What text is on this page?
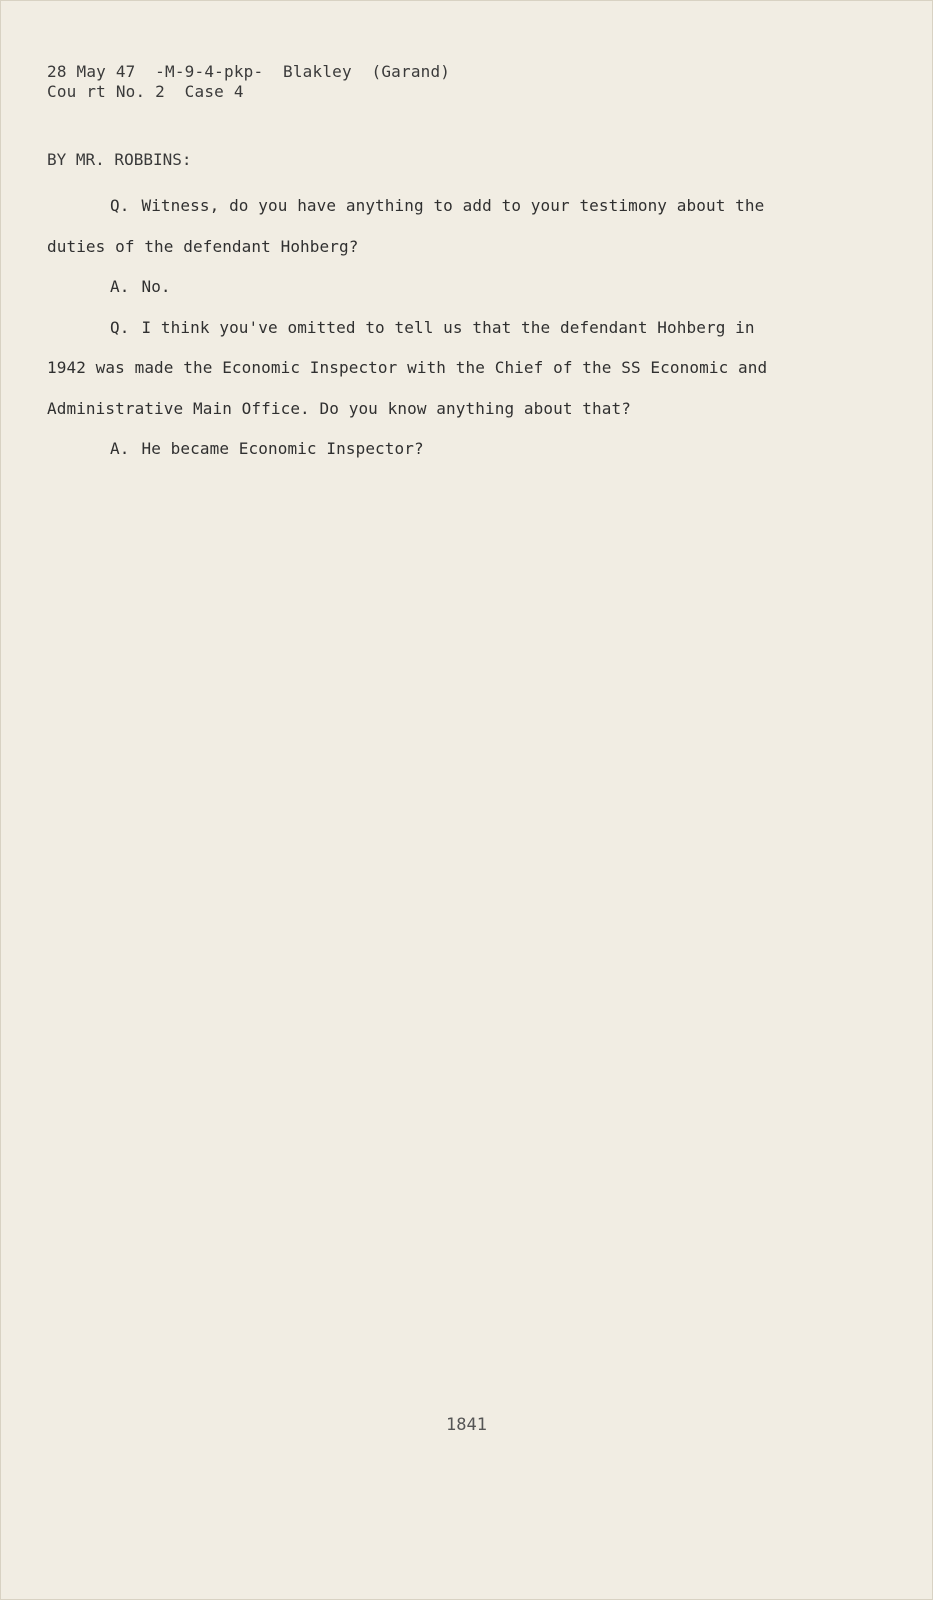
28 May 47  -M-9-4-pkp-  Blakley  (Garand)
Cou rt No. 2  Case 4
BY MR. ROBBINS:

Q. Witness, do you have anything to add to your testimony about the duties of the defendant Hohberg?

A. No.

Q. I think you've omitted to tell us that the defendant Hohberg in 1942 was made the Economic Inspector with the Chief of the SS Economic and Administrative Main Office. Do you know anything about that?

A. He became Economic Inspector?

1841
